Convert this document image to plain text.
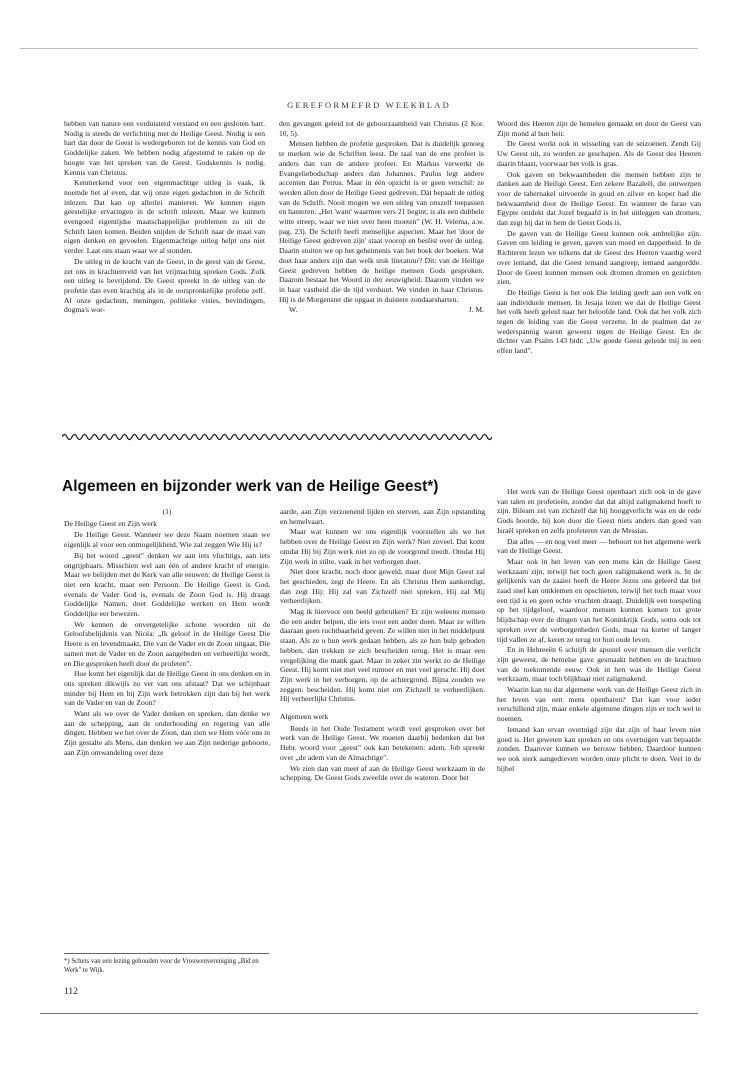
GEREFORMEFRD WEEKBLAD

hebben van nature een verduisterd verstand en een gesloten hart. Nodig is steeds de verlichting met de Heilige Geest. Nodig is een hart dat door de Geest is wedergeboren tot de kennis van God en Goddelijke zaken. We hebben nodig afgestemd te raken op de hoogte van het spreken van de Geest. Godskennis is nodig. Kennis van Christus.

Kenmerkend voor een eigenmachtige uitleg is vaak, ik noemde het al even, dat wij onze eigen gedachten in de Schrift inlezen. Dat kan op allerlei manieren. We kunnen eigen geestelijke ervaringen in de schrift inlezen. Maar we kunnen evengoed eigentijdse maatschappelijke problemen zo uit de Schrift laten komen. Beiden snijden de Schrift naar de maat van eigen denken en gevoelen. Eigenmachtige uitleg helpt ons niet verder. Laat ons staan waar we al stonden.

De uitleg in de kracht van de Geest, in de geest van de Geest, zet ons in krachtenveld van het vrijmachtig spreken Gods. Zulk een uitleg is bevrijdend. De Geest spreekt in de uitleg van de profetie dan even krachtig als in de oorspronkelijke profetie zelf. Al onze gedachten, meningen, politieke visies, bevindingen, dogma's wor-

den gevangen geleid tot de gehoorzaamheid van Christus (2 Kor. 10, 5).

Mensen hebben de profetie gesproken. Dat is duidelijk genoeg te merken wie de Schriften leest. De taal van de ene profeet is anders dan van de andere profeet. En Markus verwerkt de Evangeliebodschap anders dan Johannes. Paulus legt andere accenten dan Petrus. Maar in één opzicht is er geen verschil: ze werden allen door de Heilige Geest gedreven. Dàt bepaalt de uitleg van de Schrift. Nooit mogen we een uitleg van onszelf toepassen en hanteren. „Het 'want' waarmee vers 21 begint, is als een dubbele witte streep, waar we niet over heen moeten" (W. H. Velema, a.w. pag. 23). De Schrift heeft menselijke aspecten. Maar het 'door de Heilige Geest gedreven zijn' staat voorop en beslist over de uitleg. Daarin stuiten we op het geheimenis van het boek der boeken. Wat doet haar anders zijn dan welk stuk literatuur? Dit: van de Heilige Geest gedreven hebben de heilige mensen Gods gesproken. Daarom bestaat het Woord in der eeuwigheid. Daarom vinden we in haar vastheid die de tijd verduurt. We vinden in haar Christus. Hij is de Morgenster die opgaat in duistere zondaarsharten.

W.	J. M.

Woord des Heeren zijn de hemelen gemaakt en door de Geest van Zijn mond al hun heir.

De Geest werkt ook in wisseling van de seizoenen. Zendt Gij Uw Geest uit, zo worden ze geschapen. Als de Geest des Heeren daarin blaast, voorwaar het volk is gras.

Ook gaven en bekwaamheden die mensen hebben zijn te danken aan de Heilige Geest. Een zekere Bazaleël, die ontwerpen voor de tabernakel uitvoerde in goud en zilver en koper had die bekwaamheid door de Heilige Geest. En wanneer de farao van Egypte ontdekt dat Jozef begaafd is in het uitleggen van dromen, dan zegt hij dat in hem de Geest Gods is.

De gaven van de Heilige Geest kunnen ook ambtelijke zijn. Gaven om leiding te geven, gaven van moed en dapperheid. In de Richteren lezen we telkens dat de Geest des Heeren vaardig werd over iemand, dat die Geest iemand aangreep, iemand aangordde. Door de Geest kunnen mensen ook dromen dromen en gezichten zien.

De Heilige Geest is het ook Die leiding geeft aan een volk en aan individuele mensen. In Jesaja lezen we dat de Heilige Geest het volk heeft geleid naar het beloofde land. Ook dat het volk zich tegen de leiding van die Geest verzette. In de psalmen dat ze wederspannig waren geweest tegen de Heilige Geest. En de dichter van Psalm 143 bidt: „Uw goede Geest geleide mij in een effen land".

Algemeen en bijzonder werk van de Heilige Geest*)

(1)

De Heilige Geest en Zijn werk

De Heilige Geest. Wanneer we deze Naam noemen staan we eigenlijk al voor een onmogelijkheid. Wie zal zeggen Wie Hij is?

Bij het woord „geest" denken we aan iets vluchtigs, aan iets ongrijpbaars. Misschien wel aan één of andere kracht of energie. Maar we belijden met de Kerk van alle eeuwen: de Heilige Geest is niet een kracht, maar een Persoon. De Heilige Geest is God, evenals de Vader God is, evenals de Zoon God is. Hij draagt Goddelijke Namen, doet Goddelijke werken en Hem wordt Goddelijke eer bewezen.

We kennen de onvergetelijke schone woorden uit de Geloofsbelijdenis van Nicéa: „Ik geloof in de Heilige Geest Die Heere is en levendmaakt, Die van de Vader en de Zoon uitgaat, Die samen met de Vader en de Zoon aangebeden en verheerlijkt wordt, en Die gesproken heeft door de profeten".

Hoe komt het eigenlijk dat de Heilige Geest in ons denken en in ons spreken dikwijls zo ver van ons afstaat? Dat we schijnbaar minder bij Hem en bij Zijn werk betrokken zijn dan bij het werk van de Vader en van de Zoon?

Want als we over de Vader denken en spreken, dan denke we aan de schepping, aan de onderhouding en regering van alle dingen. Hebben we het over de Zoon, dan zien we Hem vóór ons in Zijn gestalte als Mens, dan denken we aan Zijn nederige geboorte, aan Zijn omwandeling over deze

aarde, aan Zijn verzoenend lijden en sterven, aan Zijn opstanding en hemelvaart.

Maar wat kunnen we ons eigenlijk voorstellen als we het hebben over de Heilige Geest en Zijn werk? Niet zoveel. Dat komt omdat Hij bij Zijn werk niet zo op de voorgrond treedt. Omdat Hij Zijn werk in stilte, vaak in het verborgen doet.

Niet door kracht, noch door geweld, maar door Mijn Geest zal het geschieden, zegt de Heere. En als Christus Hem aankondigt, dan zegt Hij: Hij zal van Zichzelf niet spreken, Hij zal Mij verheerlijken.

Mag ik hiervoor een beeld gebruiken? Er zijn weleens mensen die een ander helpen, die iets voor een ander doen. Maar ze willen daaraan geen ruchtbaarheid geven. Ze willen niet in het middelpunt staan. Als ze u hun werk gedaan hebben, als ze hun hulp geboden hebben, dan trekken ze zich bescheiden terug. Het is maar een vergelijking die mank gaat. Maar in zeker zin werkt zo de Heilige Geest. Hij komt niet met veel rumoer en met veel gerucht. Hij doet Zijn werk in het verborgen, op de achtergrond. Bijna zouden we zeggen: bescheiden. Hij komt niet om Zichzelf te verheerlijken. Hij verheerlijkt Christus.

Algemeen werk

Reeds in het Oude Testament wordt veel gesproken over het werk van de Heilige Geest. We moeten daarbij bedenken dat het Hebr. woord voor „geest" ook kan betekenen: adem. Job spreekt over „de adem van de Almachtige".

We zien dan van meet af aan de Heilige Geest werkzaam in de schepping. De Geest Gods zweefde over de wateren. Door het

Het werk van de Heilige Geest openbaart zich ook in de gave van talen en profetieën, zonder dat dat altijd zaligmakend hoeft te zijn. Bileam zei van zichzelf dat hij hooggverlicht was en de rede Gods hoorde, hij kon door die Geest niets anders dan goed van Israël spreken en zelfs profeteren van de Messias.

Dat alles — en nog veel meer — behoort tot het algemene werk van de Heilige Geest.

Maar ook in het leven van een mens kàn de Heilige Geest werkzaam zijn, terwijl het toch geen zaligmakend werk is. In de gelijkenis van de zaaier heeft de Heere Jezus ons geleerd dat het zaad snel kan ontkiemen en opschieten, terwijl het toch maar voor een tijd is en geen echte vruchten draagt. Duidelijk een toespeling op het tijdgeloof, waardoor mensen kunnen komen tot grote blijdschap over de dingen van het Koninkrijk Gods, soms ook tot spreken over de verborgenheden Gods, maar na korter of langer tijd vallen ze af, keren ze terug tot hun oude leven.

En in Hebreeën 6 schrijft de apostel over mensen die verlicht zijn geweest, de hemelse gave gesmaakt hebben en de krachten van de toekomende eeuw. Ook in hen was de Heilige Geest werkzaam, maar toch blijkbaar niet zaligmakend.

Waarin kan nu dat algemene werk van de Heilige Geest zich in het leven van een mens openbaren? Dat kan voor ieder verschillend zijn, maar enkele algemene dingen zijn er toch wel te noemen.

Iemand kan ervan overtuigd zijn dat zijn of haar leven niet goed is. Het geweten kan spreken en ons overtuigen van bepaalde zonden. Daarover kunnen we berouw hebben. Daardoor kunnen we ook sterk aangedreven worden onze plicht te doen. Veel in de bijbel

*) Schets van een lezing gehouden voor de Vrouwenvereniging „Bid en Werk" te Wijk.
112
